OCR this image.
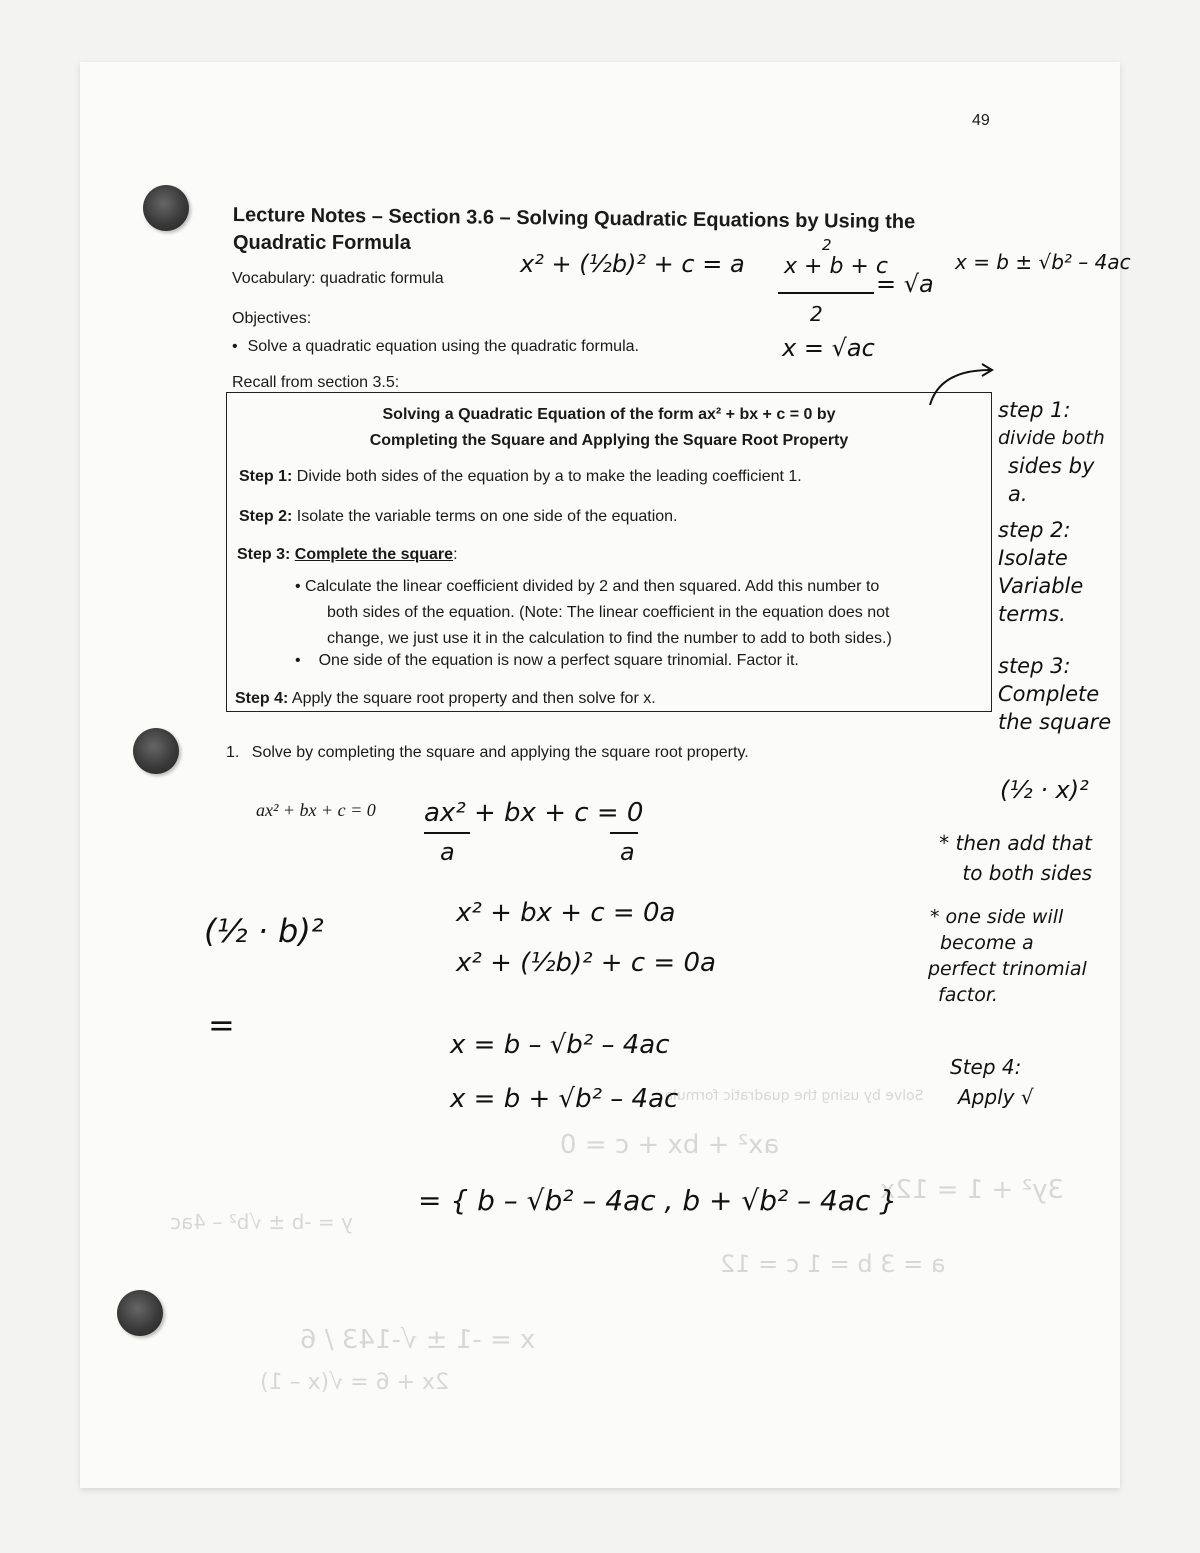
ax² + bx + c = 0
3y² + 1 = 12x
a = 3 b = 1 c = 12
x = -1 ± √-143 / 6
y = -b ± √b² – 4ac
Solve by using the quadratic formula.
2x + 6 = √(x – 1)
49
Lecture Notes – Section 3.6 – Solving Quadratic Equations by Using the
Quadratic Formula
Vocabulary: quadratic formula
Objectives:
• Solve a quadratic equation using the quadratic formula.
Recall from section 3.5:
x² + (½b)² + c = a x + b + c
2
2
= √a
x = √ac
x = b ± √b² – 4ac
Solving a Quadratic Equation of the form ax² + bx + c = 0 by
Completing the Square and Applying the Square Root Property
Step 1: Divide both sides of the equation by a to make the leading coefficient 1.
Step 2: Isolate the variable terms on one side of the equation.
Step 3: Complete the square:
• Calculate the linear coefficient divided by 2 and then squared. Add this number to
both sides of the equation. (Note: The linear coefficient in the equation does not
change, we just use it in the calculation to find the number to add to both sides.)
• One side of the equation is now a perfect square trinomial. Factor it.
Step 4: Apply the square root property and then solve for x.
step 1:
divide both
sides by
a.
step 2:
Isolate
Variable
terms.
step 3:
Complete
the square
(½ · x)²
* then add that
to both sides
* one side will
become a
perfect trinomial
factor.
Step 4:
Apply √
1. Solve by completing the square and applying the square root property.
ax² + bx + c = 0 ax² + bx + c = 0
a	a
(½ · b)²	x² + bx + c = 0a
x² + (½b)² + c = 0a
=
x = b – √b² – 4ac
x = b + √b² – 4ac
= { b – √b² – 4ac , b + √b² – 4ac }
